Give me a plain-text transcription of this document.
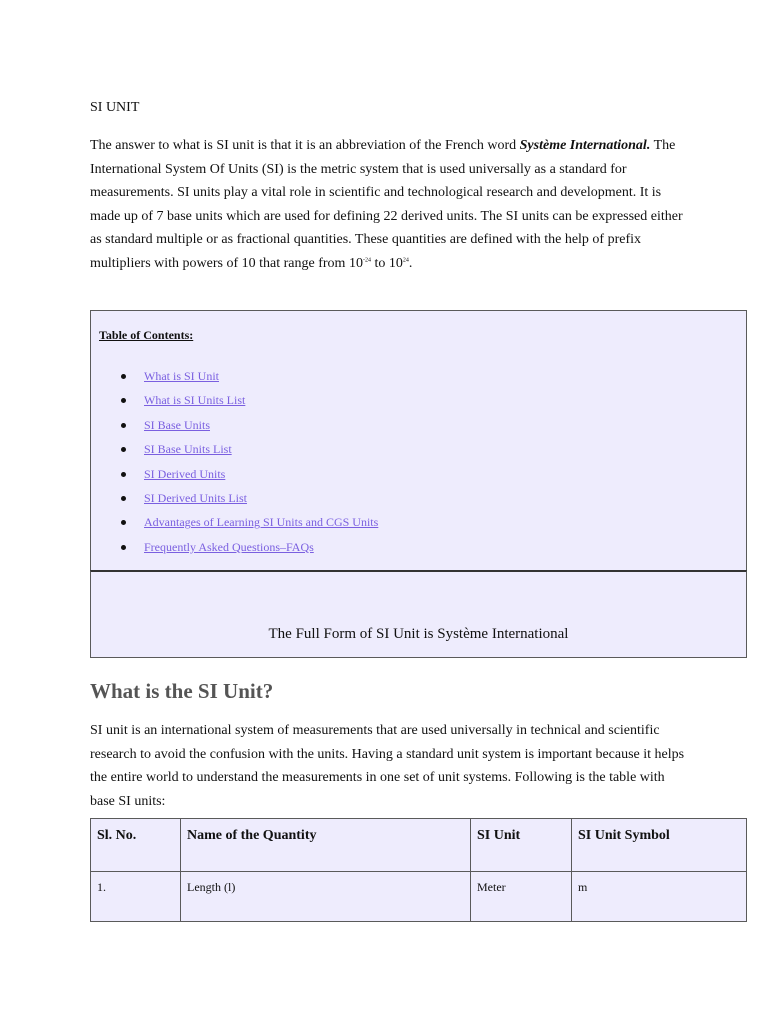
SI UNIT
The answer to what is SI unit is that it is an abbreviation of the French word Système International. The International System Of Units (SI) is the metric system that is used universally as a standard for measurements. SI units play a vital role in scientific and technological research and development. It is made up of 7 base units which are used for defining 22 derived units. The SI units can be expressed either as standard multiple or as fractional quantities. These quantities are defined with the help of prefix multipliers with powers of 10 that range from $10^{-24}$ to $10^{24}$.
Table of Contents:
What is SI Unit
What is SI Units List
SI Base Units
SI Base Units List
SI Derived Units
SI Derived Units List
Advantages of Learning SI Units and CGS Units
Frequently Asked Questions–FAQs
The Full Form of SI Unit is Système International
What is the SI Unit?
SI unit is an international system of measurements that are used universally in technical and scientific research to avoid the confusion with the units. Having a standard unit system is important because it helps the entire world to understand the measurements in one set of unit systems. Following is the table with base SI units:
Sl. No.	Name of the Quantity	SI Unit	SI Unit Symbol
1.	Length (l)	Meter	m
